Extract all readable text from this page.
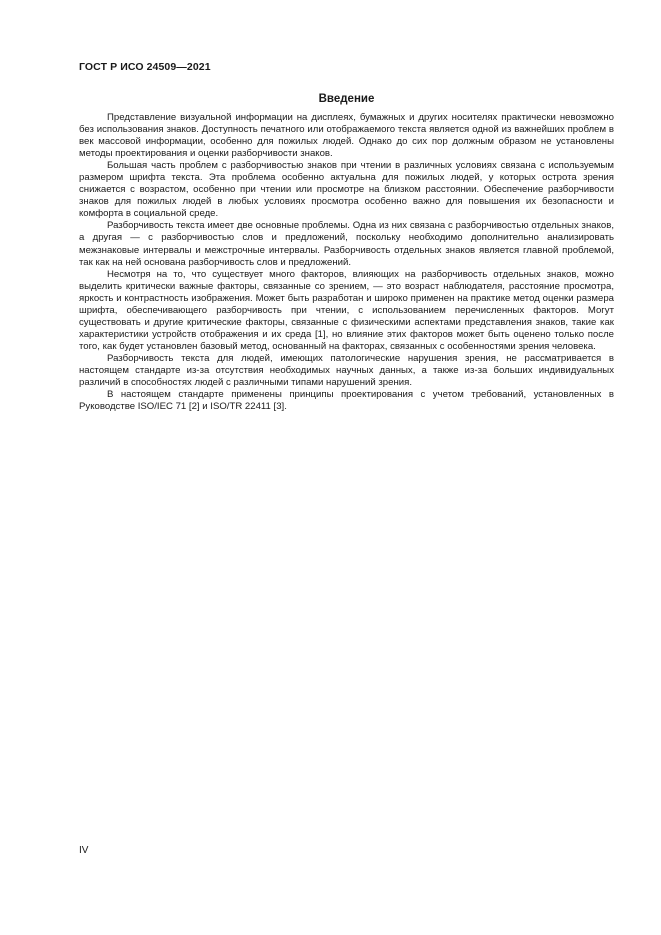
ГОСТ Р ИСО 24509—2021
Введение

Представление визуальной информации на дисплеях, бумажных и других носителях практически невозможно без использования знаков. Доступность печатного или отображаемого текста является одной из важнейших проблем в век массовой информации, особенно для пожилых людей. Однако до сих пор должным образом не установлены методы проектирования и оценки разборчивости знаков.

Большая часть проблем с разборчивостью знаков при чтении в различных условиях связана с используемым размером шрифта текста. Эта проблема особенно актуальна для пожилых людей, у которых острота зрения снижается с возрастом, особенно при чтении или просмотре на близком расстоянии. Обеспечение разборчивости знаков для пожилых людей в любых условиях просмотра особенно важно для повышения их безопасности и комфорта в социальной среде.

Разборчивость текста имеет две основные проблемы. Одна из них связана с разборчивостью отдельных знаков, а другая — с разборчивостью слов и предложений, поскольку необходимо дополнительно анализировать межзнаковые интервалы и межстрочные интервалы. Разборчивость отдельных знаков является главной проблемой, так как на ней основана разборчивость слов и предложений.

Несмотря на то, что существует много факторов, влияющих на разборчивость отдельных знаков, можно выделить критически важные факторы, связанные со зрением, — это возраст наблюдателя, расстояние просмотра, яркость и контрастность изображения. Может быть разработан и широко применен на практике метод оценки размера шрифта, обеспечивающего разборчивость при чтении, с использованием перечисленных факторов. Могут существовать и другие критические факторы, связанные с физическими аспектами представления знаков, такие как характеристики устройств отображения и их среда [1], но влияние этих факторов может быть оценено только после того, как будет установлен базовый метод, основанный на факторах, связанных с особенностями зрения человека.

Разборчивость текста для людей, имеющих патологические нарушения зрения, не рассматривается в настоящем стандарте из-за отсутствия необходимых научных данных, а также из-за больших индивидуальных различий в способностях людей с различными типами нарушений зрения.

В настоящем стандарте применены принципы проектирования с учетом требований, установленных в Руководстве ISO/IEC 71 [2] и ISO/TR 22411 [3].

IV
